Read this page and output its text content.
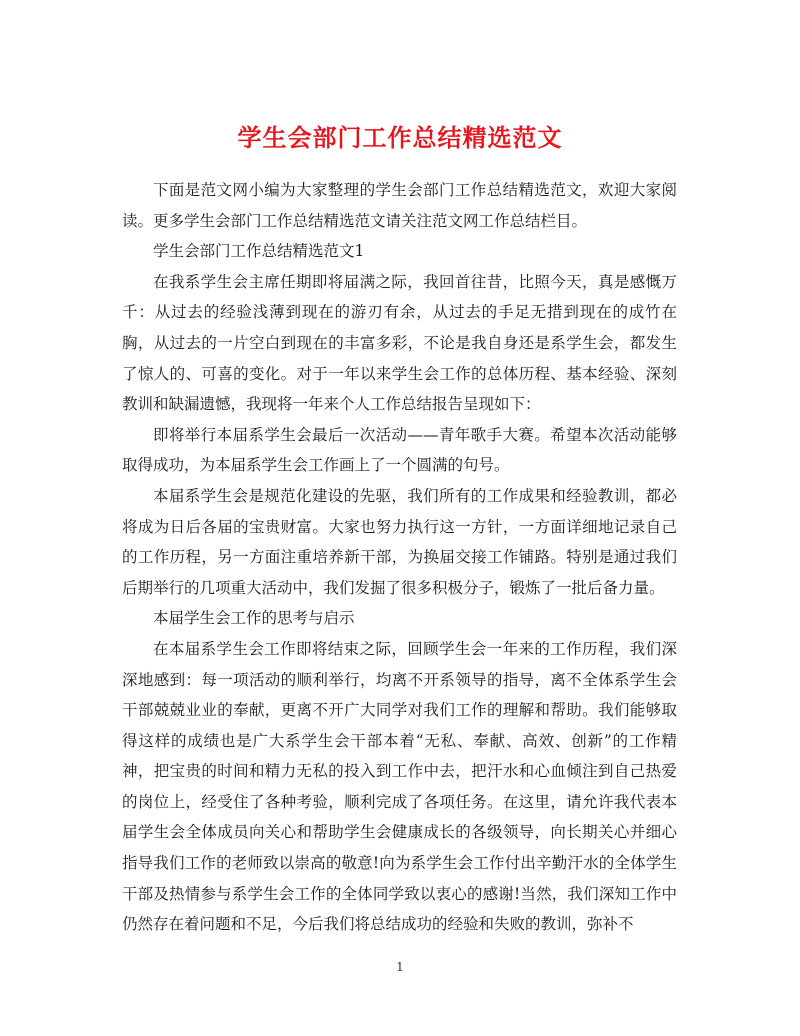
学生会部门工作总结精选范文

下面是范文网小编为大家整理的学生会部门工作总结精选范文，欢迎大家阅读。更多学生会部门工作总结精选范文请关注范文网工作总结栏目。

学生会部门工作总结精选范文1

在我系学生会主席任期即将届满之际，我回首往昔，比照今天，真是感慨万千：从过去的经验浅薄到现在的游刃有余，从过去的手足无措到现在的成竹在胸，从过去的一片空白到现在的丰富多彩，不论是我自身还是系学生会，都发生了惊人的、可喜的变化。对于一年以来学生会工作的总体历程、基本经验、深刻教训和缺漏遗憾，我现将一年来个人工作总结报告呈现如下：

即将举行本届系学生会最后一次活动——青年歌手大赛。希望本次活动能够取得成功，为本届系学生会工作画上了一个圆满的句号。

本届系学生会是规范化建设的先驱，我们所有的工作成果和经验教训，都必将成为日后各届的宝贵财富。大家也努力执行这一方针，一方面详细地记录自己的工作历程，另一方面注重培养新干部，为换届交接工作铺路。特别是通过我们后期举行的几项重大活动中，我们发掘了很多积极分子，锻炼了一批后备力量。

本届学生会工作的思考与启示

在本届系学生会工作即将结束之际，回顾学生会一年来的工作历程，我们深深地感到：每一项活动的顺利举行，均离不开系领导的指导，离不全体系学生会干部兢兢业业的奉献，更离不开广大同学对我们工作的理解和帮助。我们能够取得这样的成绩也是广大系学生会干部本着“无私、奉献、高效、创新”的工作精神，把宝贵的时间和精力无私的投入到工作中去，把汗水和心血倾注到自己热爱的岗位上，经受住了各种考验，顺利完成了各项任务。在这里，请允许我代表本届学生会全体成员向关心和帮助学生会健康成长的各级领导，向长期关心并细心指导我们工作的老师致以崇高的敬意!向为系学生会工作付出辛勤汗水的全体学生干部及热情参与系学生会工作的全体同学致以衷心的感谢!当然，我们深知工作中仍然存在着问题和不足，今后我们将总结成功的经验和失败的教训，弥补不

1
